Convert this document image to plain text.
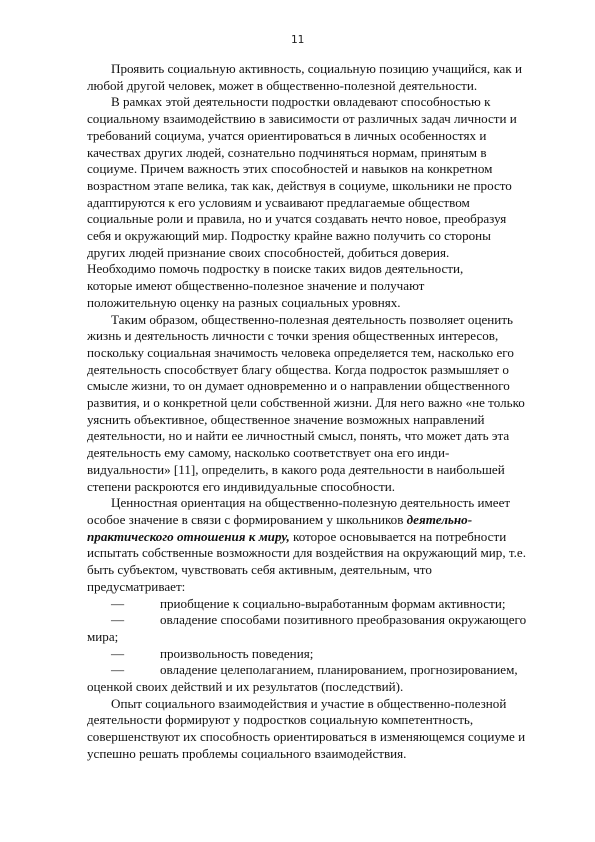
11
Проявить социальную активность, социальную позицию учащийся, как и
любой другой человек, может в общественно-полезной деятельности.
В рамках этой деятельности подростки овладевают способностью к
социальному взаимодействию в зависимости от различных задач личности и
требований социума, учатся ориентироваться в личных особенностях и
качествах других людей, сознательно подчиняться нормам, принятым в
социуме. Причем важность этих способностей и навыков на конкретном
возрастном этапе велика, так как, действуя в социуме, школьники не просто
адаптируются к его условиям и усваивают предлагаемые обществом
социальные роли и правила, но и учатся создавать нечто новое, преобразуя
себя и окружающий мир. Подростку крайне важно получить со стороны
других людей признание своих способностей, добиться доверия.
Необходимо помочь подростку в поиске таких видов деятельности,
которые имеют общественно-полезное значение и получают
положительную оценку на разных социальных уровнях.
Таким образом, общественно-полезная деятельность позволяет оценить
жизнь и деятельность личности с точки зрения общественных интересов,
поскольку социальная значимость человека определяется тем, насколько его
деятельность способствует благу общества. Когда подросток размышляет о
смысле жизни, то он думает одновременно и о направлении общественного
развития, и о конкретной цели собственной жизни. Для него важно «не только
уяснить объективное, общественное значение возможных направлений
деятельности, но и найти ее личностный смысл, понять, что может дать эта
деятельность ему самому, насколько соответствует она его инди-
видуальности» [11], определить, в какого рода деятельности в наибольшей
степени раскроются его индивидуальные способности.
Ценностная ориентация на общественно-полезную деятельность имеет
особое значение в связи с формированием у школьников деятельно-
практического отношения к миру, которое основывается на потребности
испытать собственные возможности для воздействия на окружающий мир, т.е.
быть субъектом, чувствовать себя активным, деятельным, что
предусматривает:
—	приобщение к социально-выработанным формам активности;
—	овладение способами позитивного преобразования окружающего
мира;
—	произвольность поведения;
—	овладение целеполаганием, планированием, прогнозированием,
оценкой своих действий и их результатов (последствий).
Опыт социального взаимодействия и участие в общественно-полезной
деятельности формируют у подростков социальную компетентность,
совершенствуют их способность ориентироваться в изменяющемся социуме и
успешно решать проблемы социального взаимодействия.
